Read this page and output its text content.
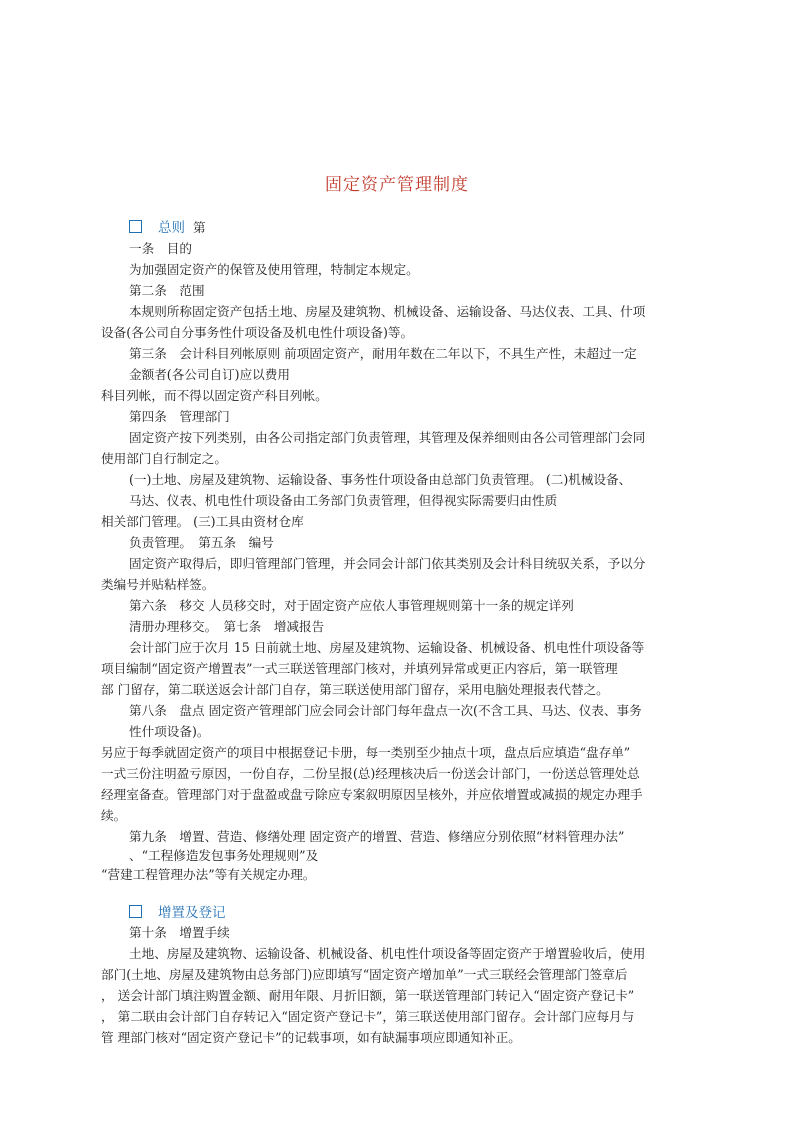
固定资产管理制度
总则 第
一条　目的
为加强固定资产的保管及使用管理，特制定本规定。
第二条　范围
本规则所称固定资产包括土地、房屋及建筑物、机械设备、运输设备、马达仪表、工具、什项
设备(各公司自分事务性什项设备及机电性什项设备)等。
第三条　会计科目列帐原则 前项固定资产，耐用年数在二年以下，不具生产性，未超过一定
金额者(各公司自订)应以费用
科目列帐，而不得以固定资产科目列帐。
第四条　管理部门
固定资产按下列类别，由各公司指定部门负责管理，其管理及保养细则由各公司管理部门会同
使用部门自行制定之。
(一)土地、房屋及建筑物、运输设备、事务性什项设备由总部门负责管理。 (二)机械设备、
马达、仪表、机电性什项设备由工务部门负责管理，但得视实际需要归由性质
相关部门管理。 (三)工具由资材仓库
负责管理。　第五条　编号
固定资产取得后，即归管理部门管理，并会同会计部门依其类别及会计科目统驭关系，予以分
类编号并贴粘样签。
第六条　移交 人员移交时，对于固定资产应依人事管理规则第十一条的规定详列
清册办理移交。　第七条　增减报告
会计部门应于次月 15 日前就土地、房屋及建筑物、运输设备、机械设备、机电性什项设备等
项目编制“固定资产增置表”一式三联送管理部门核对，并填列异常或更正内容后，第一联管理
部 门留存，第二联送返会计部门自存，第三联送使用部门留存，采用电脑处理报表代替之。
第八条　盘点 固定资产管理部门应会同会计部门每年盘点一次(不含工具、马达、仪表、事务
性什项设备)。
另应于每季就固定资产的项目中根据登记卡册，每一类别至少抽点十项，盘点后应填造“盘存单”
一式三份注明盈亏原因，一份自存，二份呈报(总)经理核决后一份送会计部门，一份送总管理处总
经理室备查。管理部门对于盘盈或盘亏除应专案叙明原因呈核外，并应依增置或减损的规定办理手
续。
第九条　增置、营造、修缮处理 固定资产的增置、营造、修缮应分别依照“材料管理办法”
、“工程修造发包事务处理规则”及
“营建工程管理办法”等有关规定办理。
增置及登记
第十条　增置手续
土地、房屋及建筑物、运输设备、机械设备、机电性什项设备等固定资产于增置验收后，使用
部门(土地、房屋及建筑物由总务部门)应即填写“固定资产增加单”一式三联经会管理部门签章后
， 送会计部门填注购置金额、耐用年限、月折旧额，第一联送管理部门转记入“固定资产登记卡”
， 第二联由会计部门自存转记入“固定资产登记卡”，第三联送使用部门留存。会计部门应每月与
管 理部门核对“固定资产登记卡”的记载事项，如有缺漏事项应即通知补正。
